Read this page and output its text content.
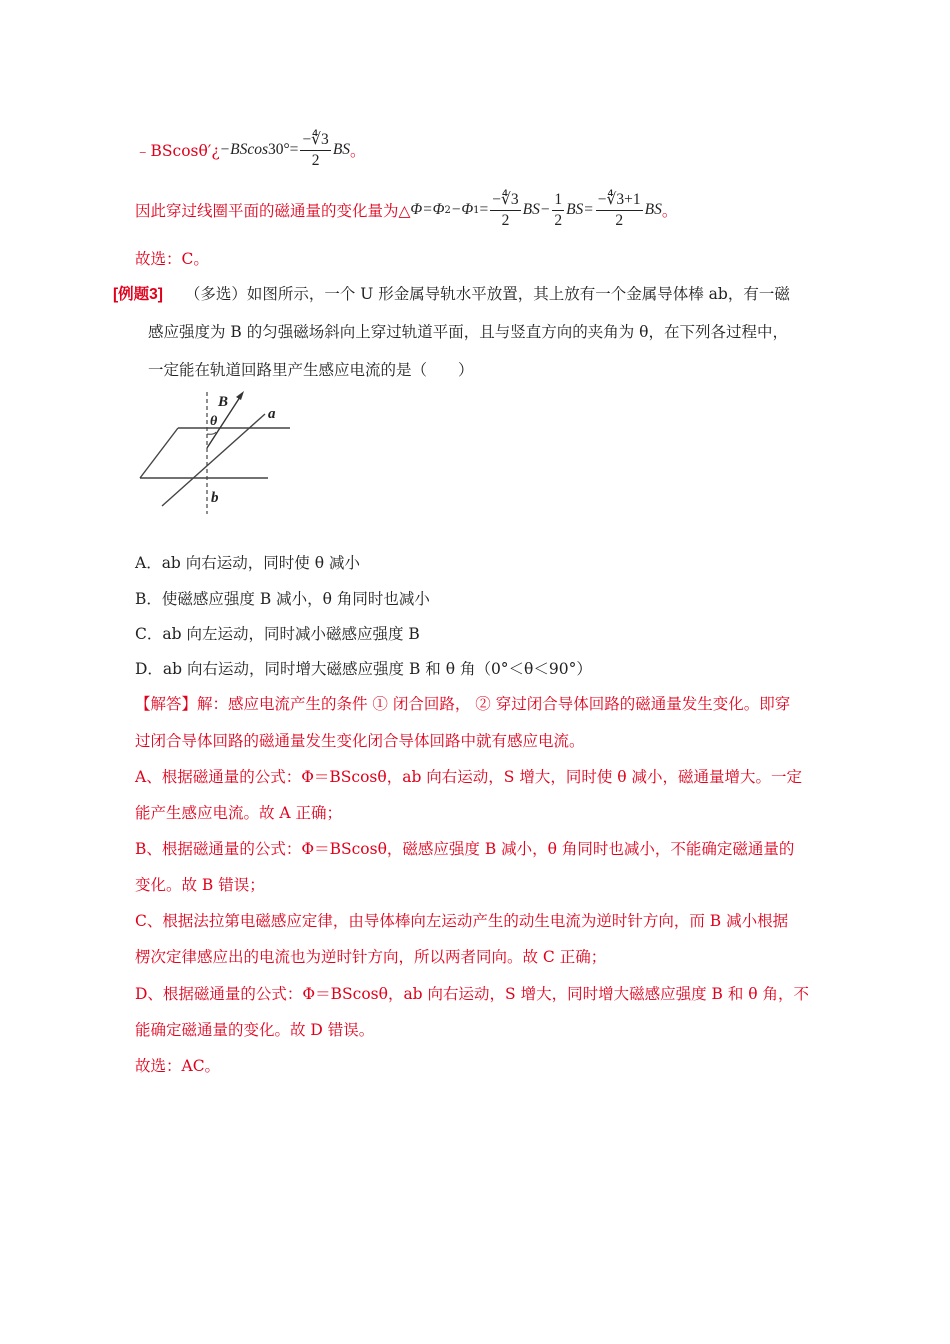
﹣BScosθ′¿ −BScos $30^\circ= \frac{-∜3}{2}$ BS 。
因此穿过线圈平面的磁通量的变化量为△ Φ=Φ 2 −Φ $1 = \frac{-∜3}{2} BS- \frac{1}{2} BS= \frac{-∜3+1}{2}$ BS 。
故选：C。
[例题3] （多选）如图所示，一个 U 形金属导轨水平放置，其上放有一个金属导体棒 ab，有一磁
感应强度为 B 的匀强磁场斜向上穿过轨道平面，且与竖直方向的夹角为 θ，在下列各过程中，
一定能在轨道回路里产生感应电流的是（　　）
B
a
θ
b
A．ab 向右运动，同时使 θ 减小
B．使磁感应强度 B 减小，θ 角同时也减小
C．ab 向左运动，同时减小磁感应强度 B
D．ab 向右运动，同时增大磁感应强度 B 和 θ 角（0°＜θ＜90°）
【解答】解：感应电流产生的条件 ① 闭合回路， ② 穿过闭合导体回路的磁通量发生变化。即穿
过闭合导体回路的磁通量发生变化闭合导体回路中就有感应电流。
A、根据磁通量的公式：Φ＝BScosθ，ab 向右运动，S 增大，同时使 θ 减小，磁通量增大。一定
能产生感应电流。故 A 正确；
B、根据磁通量的公式：Φ＝BScosθ，磁感应强度 B 减小，θ 角同时也减小，不能确定磁通量的
变化。故 B 错误；
C、根据法拉第电磁感应定律，由导体棒向左运动产生的动生电流为逆时针方向，而 B 减小根据
楞次定律感应出的电流也为逆时针方向，所以两者同向。故 C 正确；
D、根据磁通量的公式：Φ＝BScosθ，ab 向右运动，S 增大，同时增大磁感应强度 B 和 θ 角，不
能确定磁通量的变化。故 D 错误。
故选：AC。
